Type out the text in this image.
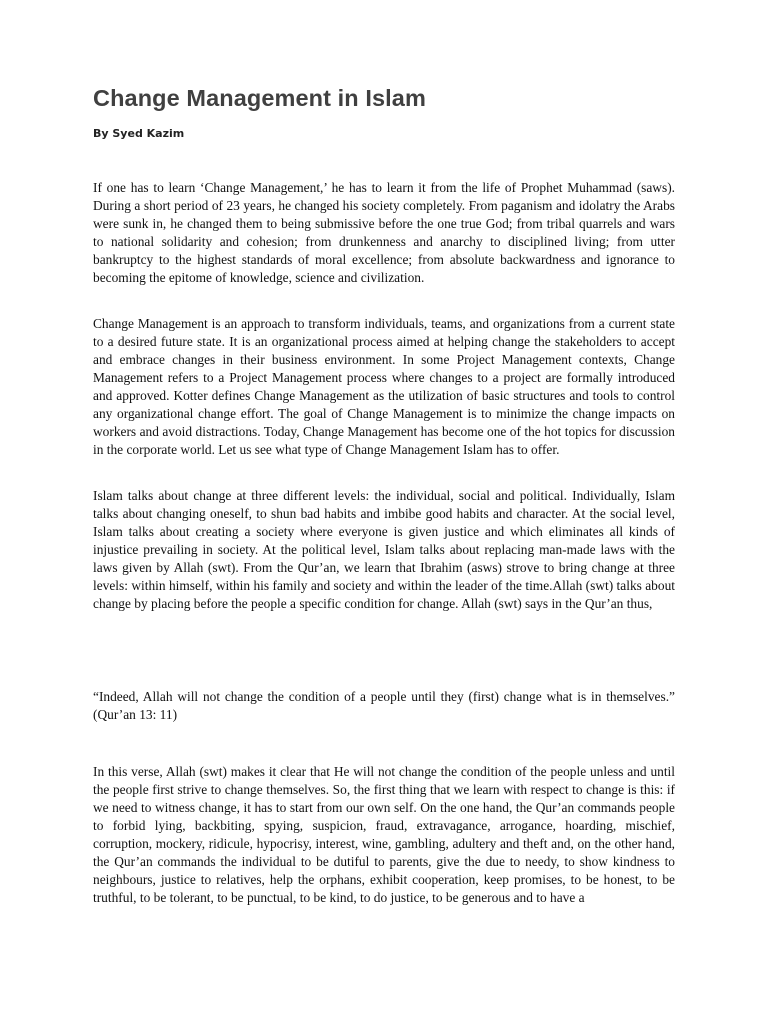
Change Management in Islam

By Syed Kazim

If one has to learn ‘Change Management,’ he has to learn it from the life of Prophet Muhammad (saws). During a short period of 23 years, he changed his society completely. From paganism and idolatry the Arabs were sunk in, he changed them to being submissive before the one true God; from tribal quarrels and wars to national solidarity and cohesion; from drunkenness and anarchy to disciplined living; from utter bankruptcy to the highest standards of moral excellence; from absolute backwardness and ignorance to becoming the epitome of knowledge, science and civilization.

Change Management is an approach to transform individuals, teams, and organizations from a current state to a desired future state. It is an organizational process aimed at helping change the stakeholders to accept and embrace changes in their business environment. In some Project Management contexts, Change Management refers to a Project Management process where changes to a project are formally introduced and approved. Kotter defines Change Management as the utilization of basic structures and tools to control any organizational change effort. The goal of Change Management is to minimize the change impacts on workers and avoid distractions. Today, Change Management has become one of the hot topics for discussion in the corporate world. Let us see what type of Change Management Islam has to offer.

Islam talks about change at three different levels: the individual, social and political. Individually, Islam talks about changing oneself, to shun bad habits and imbibe good habits and character. At the social level, Islam talks about creating a society where everyone is given justice and which eliminates all kinds of injustice prevailing in society. At the political level, Islam talks about replacing man-made laws with the laws given by Allah (swt). From the Qur’an, we learn that Ibrahim (asws) strove to bring change at three levels: within himself, within his family and society and within the leader of the time.Allah (swt) talks about change by placing before the people a specific condition for change. Allah (swt) says in the Qur’an thus,

“Indeed, Allah will not change the condition of a people until they (first) change what is in themselves.” (Qur’an 13: 11)

In this verse, Allah (swt) makes it clear that He will not change the condition of the people unless and until the people first strive to change themselves. So, the first thing that we learn with respect to change is this: if we need to witness change, it has to start from our own self. On the one hand, the Qur’an commands people to forbid lying, backbiting, spying, suspicion, fraud, extravagance, arrogance, hoarding, mischief, corruption, mockery, ridicule, hypocrisy, interest, wine, gambling, adultery and theft and, on the other hand, the Qur’an commands the individual to be dutiful to parents, give the due to needy, to show kindness to neighbours, justice to relatives, help the orphans, exhibit cooperation, keep promises, to be honest, to be truthful, to be tolerant, to be punctual, to be kind, to do justice, to be generous and to have a
